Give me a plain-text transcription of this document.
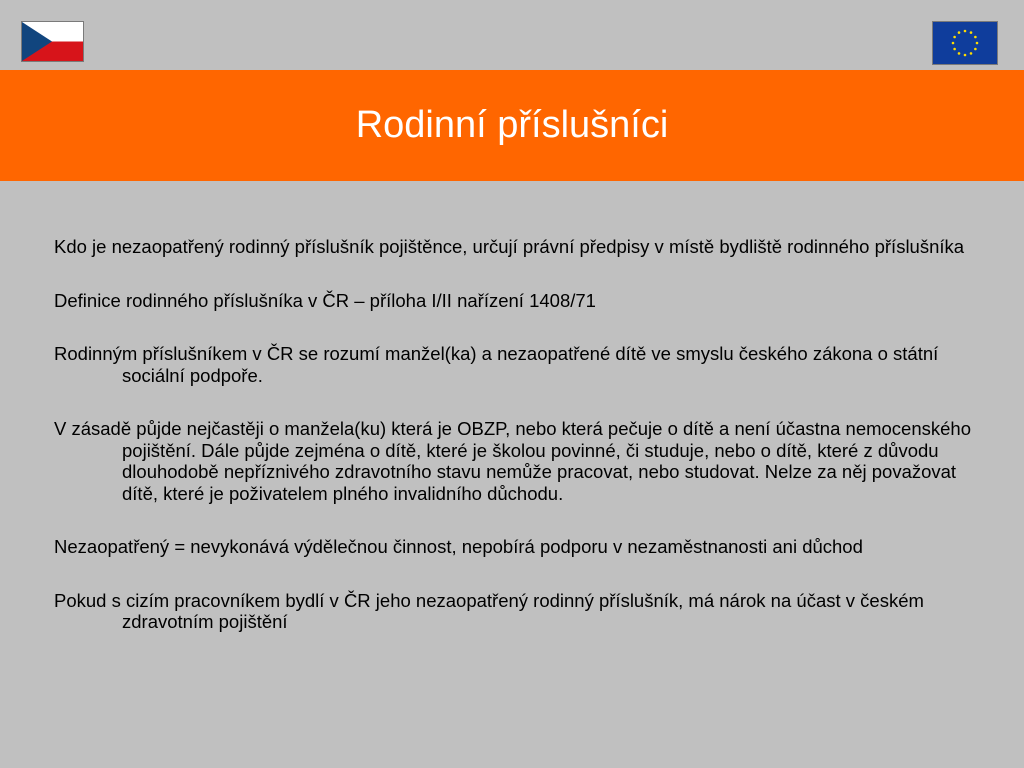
Rodinní příslušníci

Kdo je nezaopatřený rodinný příslušník pojištěnce, určují právní předpisy v místě bydliště rodinného příslušníka

Definice rodinného příslušníka v ČR – příloha I/II nařízení 1408/71

Rodinným příslušníkem v ČR se rozumí manžel(ka) a nezaopatřené dítě ve smyslu českého zákona o státní sociální podpoře.

V zásadě půjde nejčastěji o manžela(ku) která je OBZP, nebo která pečuje o dítě a není účastna nemocenského pojištění. Dále půjde zejména o dítě, které je školou povinné, či studuje, nebo o dítě, které z důvodu dlouhodobě nepříznivého zdravotního stavu nemůže pracovat, nebo studovat. Nelze za něj považovat dítě, které je poživatelem plného invalidního důchodu.

Nezaopatřený = nevykonává výdělečnou činnost, nepobírá podporu v nezaměstnanosti ani důchod

Pokud s cizím pracovníkem bydlí v ČR jeho nezaopatřený rodinný příslušník, má nárok na účast v českém zdravotním pojištění
